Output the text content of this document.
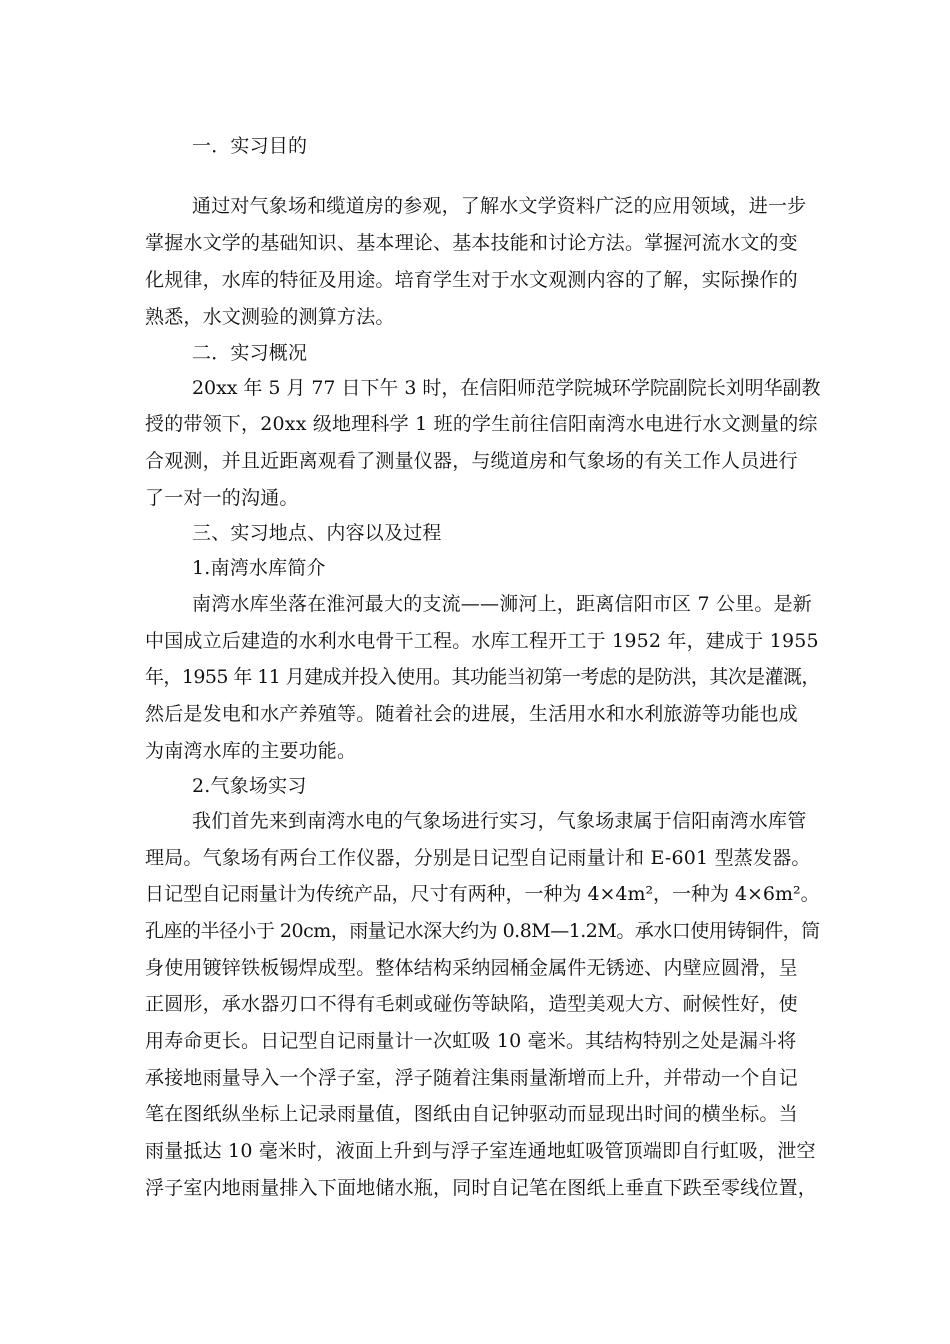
一．实习目的
通过对气象场和缆道房的参观，了解水文学资料广泛的应用领域，进一步
掌握水文学的基础知识、基本理论、基本技能和讨论方法。掌握河流水文的变
化规律，水库的特征及用途。培育学生对于水文观测内容的了解，实际操作的
熟悉，水文测验的测算方法。
二．实习概况
20xx 年 5 月 77 日下午 3 时，在信阳师范学院城环学院副院长刘明华副教
授的带领下，20xx 级地理科学 1 班的学生前往信阳南湾水电进行水文测量的综
合观测，并且近距离观看了测量仪器，与缆道房和气象场的有关工作人员进行
了一对一的沟通。
三、实习地点、内容以及过程
1.南湾水库简介
南湾水库坐落在淮河最大的支流——浉河上，距离信阳市区 7 公里。是新
中国成立后建造的水利水电骨干工程。水库工程开工于 1952 年，建成于 1955
年，1955 年 11 月建成并投入使用。其功能当初第一考虑的是防洪，其次是灌溉，
然后是发电和水产养殖等。随着社会的进展，生活用水和水利旅游等功能也成
为南湾水库的主要功能。
2.气象场实习
我们首先来到南湾水电的气象场进行实习，气象场隶属于信阳南湾水库管
理局。气象场有两台工作仪器，分别是日记型自记雨量计和 E-601 型蒸发器。
日记型自记雨量计为传统产品，尺寸有两种，一种为 4×4m²，一种为 4×6m²。
孔座的半径小于 20cm，雨量记水深大约为 0.8M—1.2M。承水口使用铸铜件，筒
身使用镀锌铁板锡焊成型。整体结构采纳园桶金属件无锈迹、内壁应圆滑，呈
正圆形，承水器刃口不得有毛刺或碰伤等缺陷，造型美观大方、耐候性好，使
用寿命更长。日记型自记雨量计一次虹吸 10 毫米。其结构特别之处是漏斗将
承接地雨量导入一个浮子室，浮子随着注集雨量渐增而上升，并带动一个自记
笔在图纸纵坐标上记录雨量值，图纸由自记钟驱动而显现出时间的横坐标。当
雨量抵达 10 毫米时，液面上升到与浮子室连通地虹吸管顶端即自行虹吸，泄空
浮子室内地雨量排入下面地储水瓶，同时自记笔在图纸上垂直下跌至零线位置，
